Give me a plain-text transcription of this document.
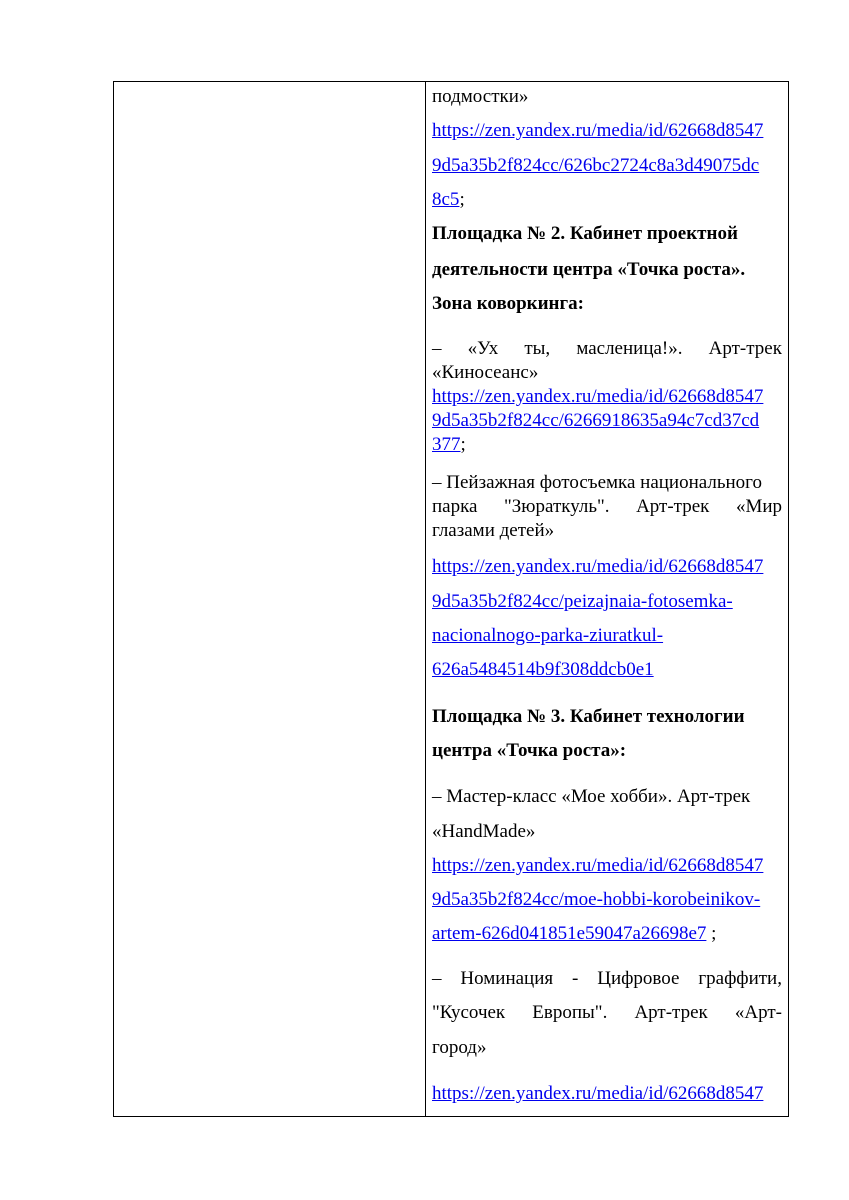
подмостки»
https://zen.yandex.ru/media/id/62668d8547
9d5a35b2f824cc/626bc2724c8a3d49075dc
8c5;
Площадка № 2. Кабинет проектной
деятельности центра «Точка роста».
Зона коворкинга:
– «Ух ты, масленица!». Арт-трек
«Киносеанс»
https://zen.yandex.ru/media/id/62668d8547
9d5a35b2f824cc/6266918635a94c7cd37cd
377;
– Пейзажная фотосъемка национального
парка "Зюраткуль". Арт-трек «Мир
глазами детей»
https://zen.yandex.ru/media/id/62668d8547
9d5a35b2f824cc/peizajnaia-fotosemka-
nacionalnogo-parka-ziuratkul-
626a5484514b9f308ddcb0e1
Площадка № 3. Кабинет технологии
центра «Точка роста»:
– Мастер-класс «Мое хобби». Арт-трек
«HandMade»
https://zen.yandex.ru/media/id/62668d8547
9d5a35b2f824cc/moe-hobbi-korobeinikov-
artem-626d041851e59047a26698e7 ;
– Номинация - Цифровое граффити,
"Кусочек Европы". Арт-трек «Арт-
город»
https://zen.yandex.ru/media/id/62668d8547
